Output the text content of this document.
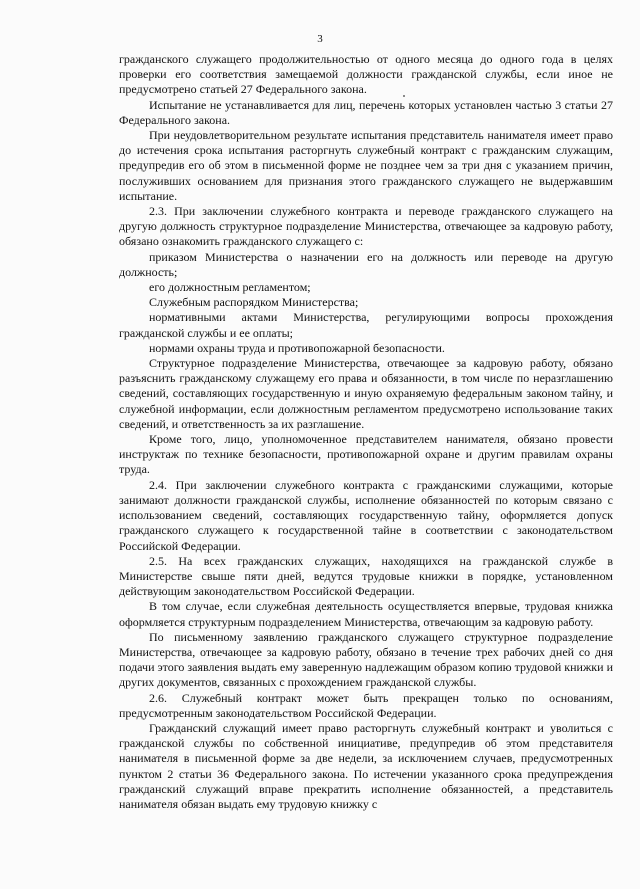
3

гражданского служащего продолжительностью от одного месяца до одного года в целях проверки его соответствия замещаемой должности гражданской службы, если иное не предусмотрено статьей 27 Федерального закона.

Испытание не устанавливается для лиц, перечень которых установлен частью 3 статьи 27 Федерального закона.

При неудовлетворительном результате испытания представитель нанимателя имеет право до истечения срока испытания расторгнуть служебный контракт с гражданским служащим, предупредив его об этом в письменной форме не позднее чем за три дня с указанием причин, послуживших основанием для признания этого гражданского служащего не выдержавшим испытание.

2.3. При заключении служебного контракта и переводе гражданского служащего на другую должность структурное подразделение Министерства, отвечающее за кадровую работу, обязано ознакомить гражданского служащего с:

приказом Министерства о назначении его на должность или переводе на другую должность;

его должностным регламентом;

Служебным распорядком Министерства;

нормативными актами Министерства, регулирующими вопросы прохождения гражданской службы и ее оплаты;

нормами охраны труда и противопожарной безопасности.

Структурное подразделение Министерства, отвечающее за кадровую работу, обязано разъяснить гражданскому служащему его права и обязанности, в том числе по неразглашению сведений, составляющих государственную и иную охраняемую федеральным законом тайну, и служебной информации, если должностным регламентом предусмотрено использование таких сведений, и ответственность за их разглашение.

Кроме того, лицо, уполномоченное представителем нанимателя, обязано провести инструктаж по технике безопасности, противопожарной охране и другим правилам охраны труда.

2.4. При заключении служебного контракта с гражданскими служащими, которые занимают должности гражданской службы, исполнение обязанностей по которым связано с использованием сведений, составляющих государственную тайну, оформляется допуск гражданского служащего к государственной тайне в соответствии с законодательством Российской Федерации.

2.5. На всех гражданских служащих, находящихся на гражданской службе в Министерстве свыше пяти дней, ведутся трудовые книжки в порядке, установленном действующим законодательством Российской Федерации.

В том случае, если служебная деятельность осуществляется впервые, трудовая книжка оформляется структурным подразделением Министерства, отвечающим за кадровую работу.

По письменному заявлению гражданского служащего структурное подразделение Министерства, отвечающее за кадровую работу, обязано в течение трех рабочих дней со дня подачи этого заявления выдать ему заверенную надлежащим образом копию трудовой книжки и других документов, связанных с прохождением гражданской службы.

2.6. Служебный контракт может быть прекращен только по основаниям, предусмотренным законодательством Российской Федерации.

Гражданский служащий имеет право расторгнуть служебный контракт и уволиться с гражданской службы по собственной инициативе, предупредив об этом представителя нанимателя в письменной форме за две недели, за исключением случаев, предусмотренных пунктом 2 статьи 36 Федерального закона. По истечении указанного срока предупреждения гражданский служащий вправе прекратить исполнение обязанностей, а представитель нанимателя обязан выдать ему трудовую книжку с
